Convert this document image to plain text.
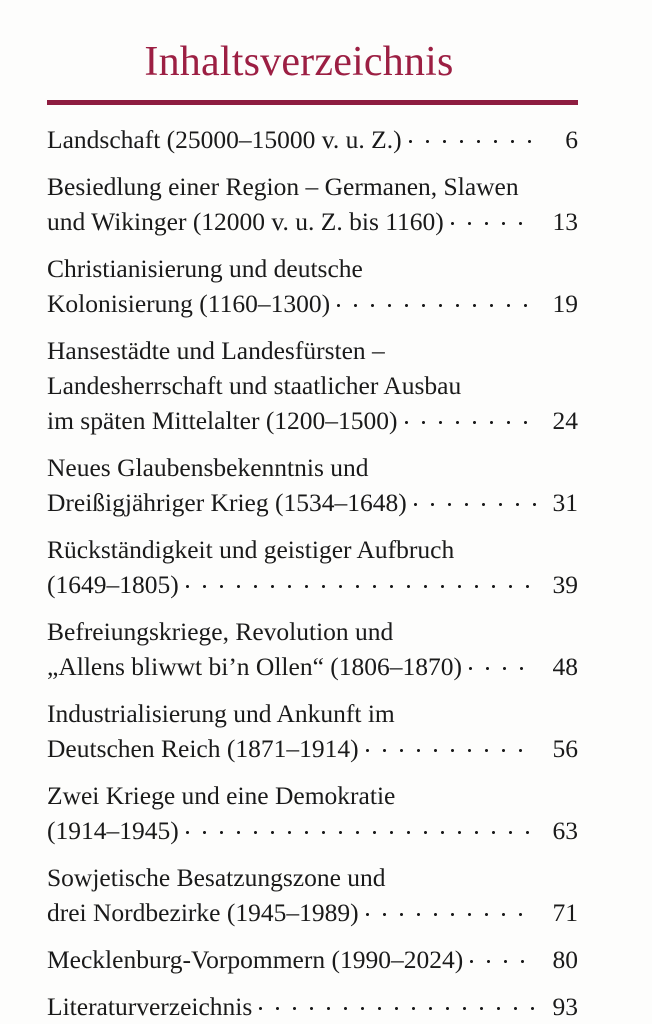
Inhaltsverzeichnis
Landschaft (25000–15000 v. u. Z.)	6
Besiedlung einer Region – Germanen, Slawen
und Wikinger (12000 v. u. Z. bis 1160)	13
Christianisierung und deutsche
Kolonisierung (1160–1300)	19
Hansestädte und Landesfürsten –
Landesherrschaft und staatlicher Ausbau
im späten Mittelalter (1200–1500)	24
Neues Glaubensbekenntnis und
Dreißigjähriger Krieg (1534–1648)	31
Rückständigkeit und geistiger Aufbruch
(1649–1805)	39
Befreiungskriege, Revolution und
„Allens bliwwt bi’n Ollen“ (1806–1870)	48
Industrialisierung und Ankunft im
Deutschen Reich (1871–1914)	56
Zwei Kriege und eine Demokratie
(1914–1945)	63
Sowjetische Besatzungszone und
drei Nordbezirke (1945–1989)	71
Mecklenburg-Vorpommern (1990–2024)	80
Literaturverzeichnis	93
